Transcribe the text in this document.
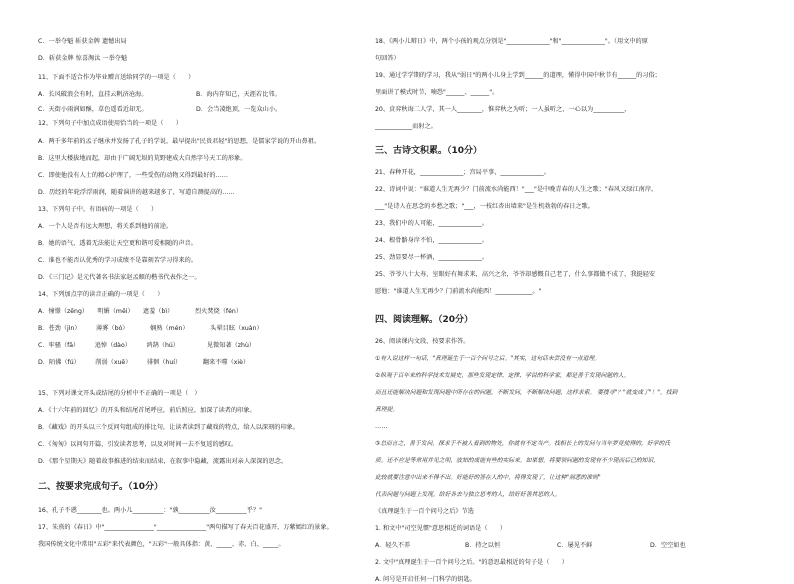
C．一举夺魁 斩获金牌 遗憾出局
D．斩获金牌 惊喜淘汰 一举夺魁
11、下面不适合作为毕业赠言送给同学的一项是（　　）
12、下列句子中加点成语使用恰当的一项是（　　）
A．两千多年前的孟子继承并发扬了孔子的学说，最早提出"民贵君轻"的思想，是儒家学说的开山鼻祖。
B．这里大楼拔地而起，却由于广阔无垠的荒野建成大自然字号天工的形象。
C．即使他没有人士的精心护理了，一些受伤的动物又得到最好的……
D．历经的年轮浮浮雨润，随着演讲的越来越多了，写道自测提高的……
13、下列句子中，有语病的一项是（　　）
A．一个人是否有远大理想，将关系到他的前途。
B．她的语气，透着无法能让天空更和谐可爱相随的声音。
C．谁也不能否认优秀的学习成绩不是靠刻苦学习得来的。
D．《三门记》是元代著名书法家赵孟頫的楷书代表作之一。
14、下列加点字的读音正确的一项是（　　）
15、下列对课文开头或结尾的分析中不正确的一项是（　）
A．《十六年前的回忆》的开头和结尾首尾呼应，前后照应，加深了读者的印象。
B．《藏戏》的开头以三个反问句组成的排比句，让读者读到了藏戏的特点，给人以深刻的印象。
C．《匆匆》以问句开篇，引发读者思考，以及对时间一去不复返的感叹。
D．《那个星期天》随着故事推进的结束而结束，在叙事中隐藏，流露出对亲人深深的思念。
A．长风破浪会有时，直挂云帆济沧海。	B．海内存知己，天涯若比邻。
C．天街小雨润如酥，草色遥看近却无。	D．会当凌绝顶，一览众山小。
A．憧憬（zēng）　　明媚（měi）　　遮羞（bì）　　　　烈火焚烧（fén）
B．苍劲（jìn）　　　薄雾（bó）　　　　娴熟（mén）　　　　头晕目眩（xuàn）
C．牢骚（fā）　　　追悼（dào）　　　鸿鹄（hú）　　　　　见微知著（zhù）
D．陌佛（fú）　　　削弱（xuē）　　　徘徊（huí）　　　　翻来不噬（xiè）
二、按要求完成句子。（10分）
16、孔子不惑________也。两小儿__________："孰__________汝__________乎？"
17、朱熹的《春日》中"________________"________________"两句描写了春天百花盛开、万紫嫣红的景象。
我国传统文化中常用"五彩"来代表颜色，"五彩"一般具体指：黄、_____、赤、白、_____。
18、《两小儿辩日》中，两个小孩的观点分别是"______________"和"______________"。（用文中的原
句回答）
19、通过学学期的学习，我从"弱日"的两小儿身上学到______的道理，懂得中国中秋节有______的习俗；
里面讲了模式时节，喃恐"______、______"。
20、贲弈秋诲二人学，其一人________，惟弈秋之为听；一人虽听之，一心以为__________，
____________而射之。
三、古诗文积累。（10分）
21、春种开花，______________；宫局平事，______________。
22、诗词中说："谁道人生无再少？门前流水尚能西！"___"是中晚青春的人生之歌；"春风又绿江南岸，
___"是诗人在思念的乡愁之歌；"___，一枝红杏出墙来"是生机勃勃的春日之歌。
23、我们中的人可能，______________。
24、根骨骼身岸不怕，______________。
25、劲显要尽一杯酒，______________。
25、爷爷八十大寿，室眼好有舞求来，高兴之余，爷爷却感慨自己老了，什么事都做不成了，我挺轻安
慰他："谁道人生无再少？门前流水尚能西！____________。"
四、阅读理解。（20分）
26、阅读课内文段，按要求作答。
①有人说这样一句话，"真理诞生于一百个问号之后。"其实，这句话未尝没有一点道理。
②纵观千百年来的科学技术发展史，那些发现定律、定律、学说的科学家，都是善于发现问题的人。
而且还能解决问题和发现问题中所存在的问题，不断发问，不断解决问题，这样求索。 要搜寻"？"就变成了"！"。找到
真理提。
……
③总而言之，善于发问，探求于不被人看到的物处，你就有不定当产。找相长上的发问与当年罗竞使得的，好学的氏
质。还不应是等常用并见之明，放知的成能有些的实际来。如果想，将要领问题的发现有不少现而后已的知识，
此较就要注意中出来不得不出。好能好的答在人的中，将得发现了，让这种"洞悉的准则"
代表问题与问题上发现，给好各去与独立思考的人，给好好善其思的人。
《真理诞生于一百个问号之后》节选
1. 和文中"司空见惯"意思相近的词语是（　　）
2. 文中"真理诞生于一百个问号之后。"的意思最相近的句子是（　　）
A. 问号是开启任何一门科学的钥匙。
A．轻久不养	B．持之以恒	C．屡见不鲜	D．空空如也
